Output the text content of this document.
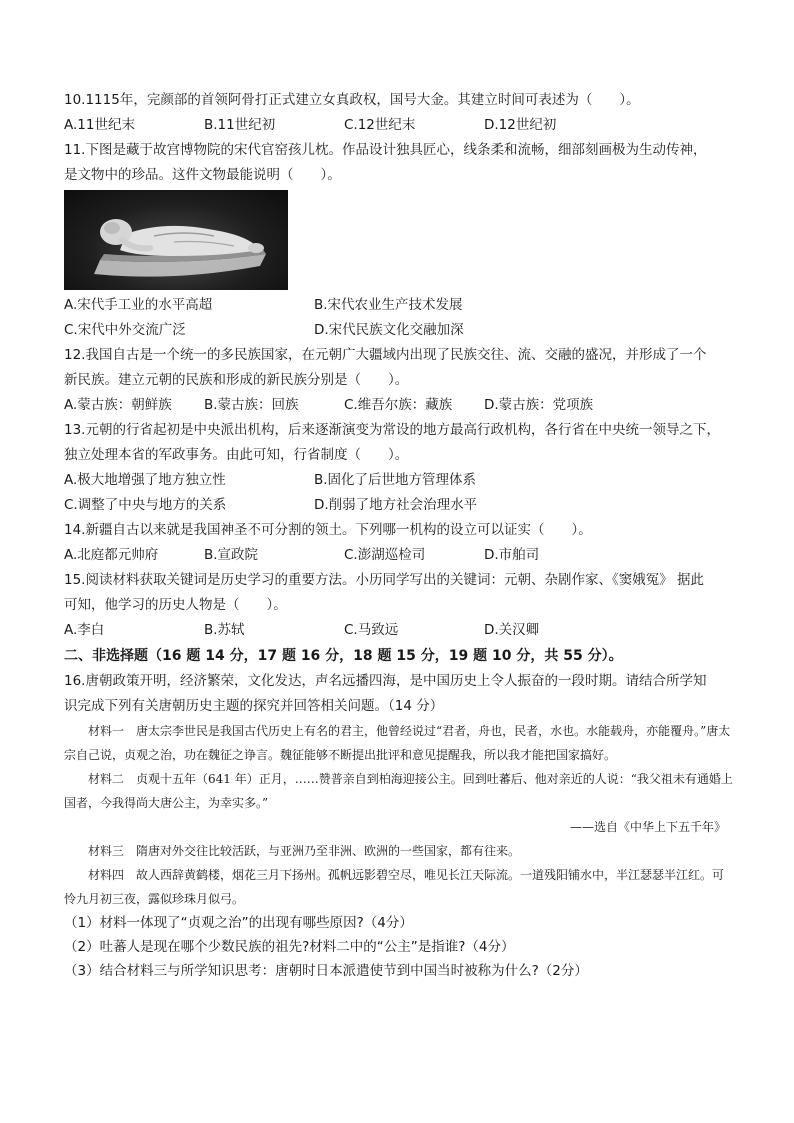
10.1115年，完颜部的首领阿骨打正式建立女真政权，国号大金。其建立时间可表述为（　　）。
A.11世纪末	B.11世纪初	C.12世纪末	D.12世纪初
11.下图是藏于故宫博物院的宋代官窑孩儿枕。作品设计独具匠心，线条柔和流畅，细部刻画极为生动传神，
是文物中的珍品。这件文物最能说明（　　）。
A.宋代手工业的水平高超	B.宋代农业生产技术发展
C.宋代中外交流广泛	D.宋代民族文化交融加深
12.我国自古是一个统一的多民族国家，在元朝广大疆域内出现了民族交往、流、交融的盛况，并形成了一个
新民族。建立元朝的民族和形成的新民族分别是（　　）。
A.蒙古族：朝鲜族	B.蒙古族：回族	C.维吾尔族：藏族	D.蒙古族：党项族
13.元朝的行省起初是中央派出机构，后来逐渐演变为常设的地方最高行政机构，各行省在中央统一领导之下，
独立处理本省的军政事务。由此可知，行省制度（　　）。
A.极大地增强了地方独立性	B.固化了后世地方管理体系
C.调整了中央与地方的关系	D.削弱了地方社会治理水平
14.新疆自古以来就是我国神圣不可分割的领土。下列哪一机构的设立可以证实（　　）。
A.北庭都元帅府	B.宣政院	C.澎湖巡检司	D.市舶司
15.阅读材料获取关键词是历史学习的重要方法。小历同学写出的关键词：元朝、杂剧作家、《窦娥冤》 据此
可知，他学习的历史人物是（　　）。
A.李白	B.苏轼	C.马致远	D.关汉卿
二、非选择题（16 题 14 分，17 题 16 分，18 题 15 分，19 题 10 分，共 55 分）。
16.唐朝政策开明，经济繁荣，文化发达，声名远播四海，是中国历史上令人振奋的一段时期。请结合所学知
识完成下列有关唐朝历史主题的探究并回答相关问题。（14 分）

材料一　唐太宗李世民是我国古代历史上有名的君主，他曾经说过“君者，舟也，民者，水也。水能载舟，亦能覆舟。”唐太宗自己说，贞观之治，功在魏征之诤言。魏征能够不断提出批评和意见提醒我，所以我才能把国家搞好。

材料二　贞观十五年（641 年）正月，……赞普亲自到柏海迎接公主。回到吐蕃后、他对亲近的人说：“我父祖未有通婚上国者，今我得尚大唐公主，为幸实多。”

——选自《中华上下五千年》

材料三　隋唐对外交往比较活跃，与亚洲乃至非洲、欧洲的一些国家，都有往来。

材料四　故人西辞黄鹤楼，烟花三月下扬州。孤帆远影碧空尽，唯见长江天际流。一道残阳铺水中，半江瑟瑟半江红。可怜九月初三夜，露似珍珠月似弓。

（1）材料一体现了“贞观之治”的出现有哪些原因?（4分）
（2）吐蕃人是现在哪个少数民族的祖先?材料二中的“公主”是指谁?（4分）
（3）结合材料三与所学知识思考：唐朝时日本派遣使节到中国当时被称为什么?（2分）
